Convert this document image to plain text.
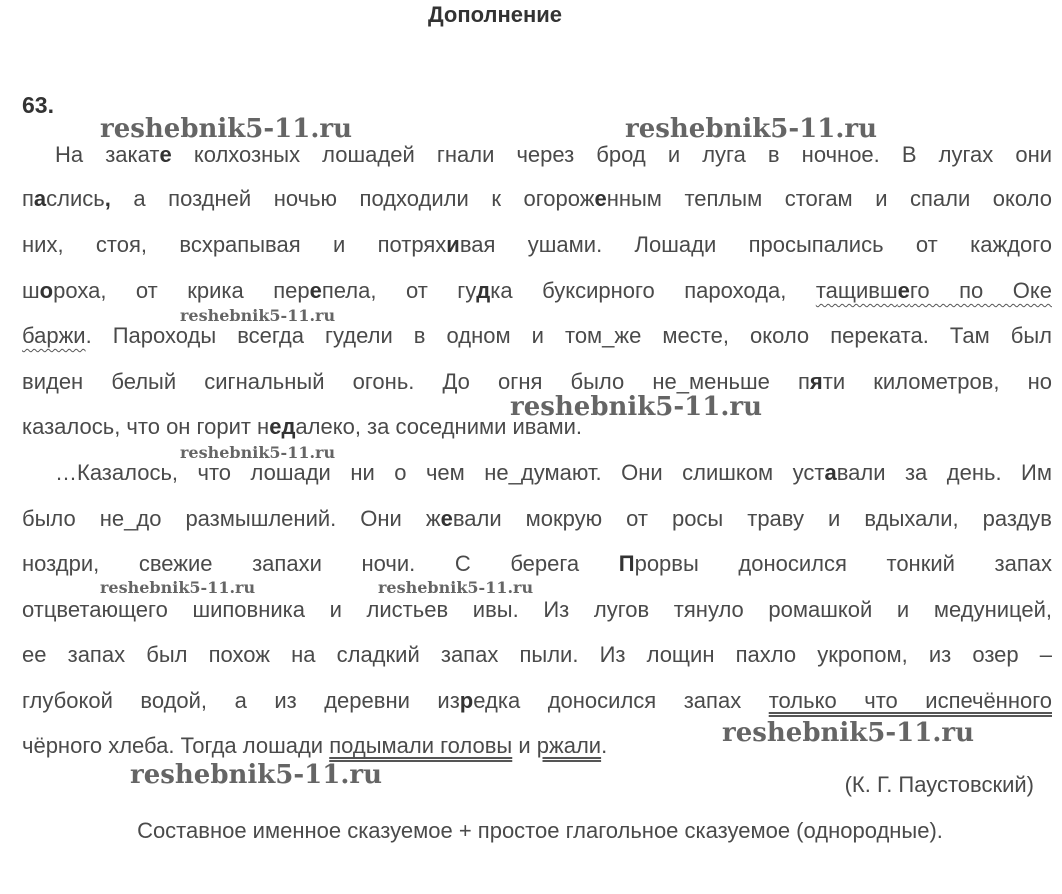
Дополнение
63.
На закате колхозных лошадей гнали через брод и луга в ночное. В лугах они
паслись, а поздней ночью подходили к огороженным теплым стогам и спали около
них, стоя, всхрапывая и потряхивая ушами. Лошади просыпались от каждого
шороха, от крика перепела, от гудка буксирного парохода, тащившего по Оке
баржи. Пароходы всегда гудели в одном и том_же месте, около переката. Там был
виден белый сигнальный огонь. До огня было не_меньше пяти километров, но
казалось, что он горит недалеко, за соседними ивами.
…Казалось, что лошади ни о чем не_думают. Они слишком уставали за день. Им
было не_до размышлений. Они жевали мокрую от росы траву и вдыхали, раздув
ноздри, свежие запахи ночи. С берега Прорвы доносился тонкий запах
отцветающего шиповника и листьев ивы. Из лугов тянуло ромашкой и медуницей,
ее запах был похож на сладкий запах пыли. Из лощин пахло укропом, из озер –
глубокой водой, а из деревни изредка доносился запах только что испечённого
чёрного хлеба. Тогда лошади подымали головы и ржали.
(К. Г. Паустовский)
Составное именное сказуемое + простое глагольное сказуемое (однородные).
reshebnik5-11.ru	reshebnik5-11.ru
reshebnik5-11.ru
reshebnik5-11.ru
reshebnik5-11.ru
reshebnik5-11.ru	reshebnik5-11.ru
reshebnik5-11.ru
reshebnik5-11.ru
